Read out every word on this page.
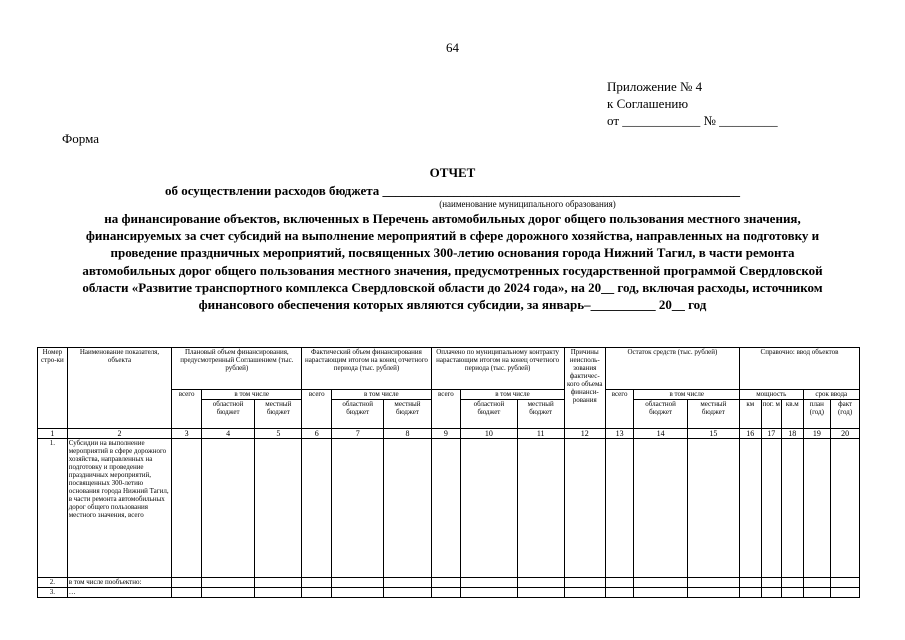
64
Приложение № 4
к Соглашению
от ____________ № _________
Форма
ОТЧЕТ
об осуществлении расходов бюджета _______________________________________________________
(наименование муниципального образования)
на финансирование объектов, включенных в Перечень автомобильных дорог общего пользования местного значения, финансируемых за счет субсидий на выполнение мероприятий в сфере дорожного хозяйства, направленных на подготовку и проведение праздничных мероприятий, посвященных 300-летию основания города Нижний Тагил, в части ремонта автомобильных дорог общего пользования местного значения, предусмотренных государственной программой Свердловской области «Развитие транспортного комплекса Свердловской области до 2024 года», на 20__ год, включая расходы, источником финансового обеспечения которых являются субсидии, за январь–__________ 20__ год
Номер стро-ки	Наименование показателя, объекта	Плановый объем финансирования, предусмотренный Соглашением (тыс. рублей)			Фактический объем финансирования нарастающим итогом на конец отчетного периода (тыс. рублей)			Оплачено по муниципальному контракту нарастающим итогом на конец отчетного периода (тыс. рублей)			Причины неисполь-зования фактичес-кого объема финанси-рования	Остаток средств (тыс. рублей)			Справочно: ввод объектов				
		всего	в том числе		всего	в том числе		всего	в том числе			всего	в том числе		мощность			срок ввода	
			областной бюджет	местный бюджет		областной бюджет	местный бюджет		областной бюджет	местный бюджет			областной бюджет	местный бюджет	км	пог. м	кв.м	план (год)	факт (год)
1	2	3	4	5	6	7	8	9	10	11	12	13	14	15	16	17	18	19	20
1.	Субсидии на выполнение мероприятий в сфере дорожного хозяйства, направленных на подготовку и проведение праздничных мероприятий, посвященных 300-летию основания города Нижний Тагил, в части ремонта автомобильных дорог общего пользования местного значения, всего																		
2.	в том числе пообъектно:																		
3.	…																		
